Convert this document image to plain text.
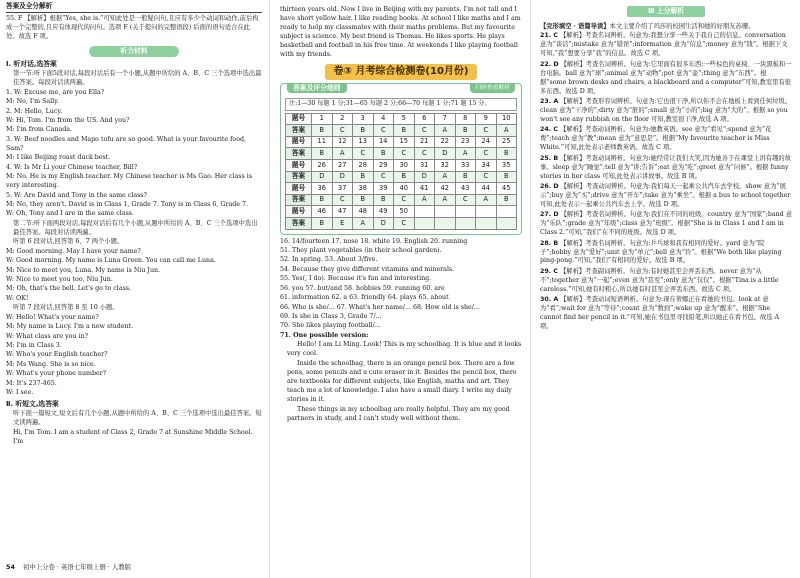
答案及全分解析

55. F 【解析】根据“Yes, she is.”可知此处是一般疑问句,且应有多少个动词和动作,前后构成一个完整的,且应有体现代的问句。选项 F (关于提问的完整语段) 后面的语句适合在此处。故选 F 项。

听力材料

Ⅰ. 听对话,选答案

第一节:听下面5段对话,每段对话后有一个小题,从题中所给的 A、B、C 三个选项中选出最佳答案。每段对话读两遍。

1. W: Excuse me, are you Ella?

M: No, I'm Sally.

2. M: Hello, Lucy.

W: Hi, Tom. I'm from the US. And you?

M: I'm from Canada.

3. W: Beef noodles and Mapo tofu are so good. What is your favourite food, Sam?

M: I like Beijing roast duck best.

4. W: Is Mr Li your Chinese teacher, Bill?

M: No. He is my English teacher. My Chinese teacher is Ms Gao. Her class is very interesting.

5. W: Are David and Tony in the same class?

M: No, they aren't. David is in Class 1, Grade 7. Tony is in Class 6, Grade 7.

W: Oh, Tony and I are in the same class.

第二节:听下面两段对话,每段对话后有几个小题,从题中所给的 A、B、C 三个选项中选出最佳答案。每段对话读两遍。

听第 6 段对话,回答第 6、7 两个小题。

M: Good morning. May I have your name?

W: Good morning. My name is Luna Green. You can call me Luna.

M: Nice to meet you, Luna. My name is Niu Jun.

W: Nice to meet you too, Niu Jun.

M: Oh, that's the bell. Let's go to class.

W: OK!

听第 7 段对话,回答第 8 至 10 小题。

W: Hello! What's your name?

M: My name is Lucy. I'm a new student.

W: What class are you in?

M: I'm in Class 3.

W: Who's your English teacher?

M: Ms Wang. She is so nice.

W: What's your phone number?

M: It's 237-465.

W: I see.

Ⅱ. 听短文,选答案

听下面一篇短文,短文后有几个小题,从题中所给的 A、B、C 三个选项中选出最佳答案。短文读两遍。

Hi, I'm Tom. I am a student of Class 2, Grade 7 at Sunshine Middle School. I'm

54 初中上分卷 · 英语七年级上册 · 人教版

thirteen years old. Now I live in Beijing with my parents. I'm not tall and I have short yellow hair. I like reading books. At school I like maths and I am ready to help my classmates with their maths problems. But my favourite subject is science. My best friend is Thomas. He likes sports. He plays basketball and football in his free time. At weekends I like playing football with my friends.

卷③ 月考综合检测卷(10月份)
答案及评分细则	扫码查看解析
注:1—30 每题 1 分;31—65 每题 2 分;66—70 每题 1 分;71 题 15 分。
题号	1	2	3	4	5	6	7	8	9	10
答案	B	C	B	C	B	C	A	B	C	A
题号	11	12	13	14	15	21	22	23	24	25
答案	B	A	C	B	C	C	D	A	C	B
题号	26	27	28	29	30	31	32	33	34	35
答案	D	D	B	C	B	D	A	B	C	B
题号	36	37	38	39	40	41	42	43	44	45
答案	B	C	B	B	C	A	A	C	A	B
题号	46	47	48	49	50					
答案	B	E	A	D	C					

16. 14/fourteen 17. nose 18. white 19. English 20. running

51. They plant vegetables (in their school garden).

52. In spring. 53. About 3/five.

54. Because they give different vitamins and minerals.

55. Yes(, I do). Because it's fun and interesting.

56. you 57. but/and 58. hobbies 59. running 60. are

61. information 62. a 63. friendly 64. plays 65. about

66. Who is she/... 67. What's her name/... 68. How old is she/...

69. Is she in Class 3, Grade 7/...

70. She likes playing football/...

71. One possible version:

Hello! I am Li Ming. Look! This is my schoolbag. It is blue and it looks very cool.

Inside the schoolbag, there is an orange pencil box. There are a few pens, some pencils and a cute eraser in it. Besides the pencil box, there are textbooks for different subjects, like English, maths and art. They teach me a lot of knowledge. I also have a small diary. I write my daily stories in it.

These things in my schoolbag are really helpful. They are my good partners in study, and I can't study well without them.

Ⅲ 上分解析

【完形填空 · 语篇导读】本文主要介绍了玛莎的校园生活和她的好朋友苏珊。

21. C 【解析】考查名词辨析。句意为:我想分享一些关于我自己的信息。conversation 意为“谈话”;mistake 意为“错误”;information 意为“信息”;money 意为“钱”。根据下文可知,“我”想要分享“我”的信息。故选 C 项。

22. D 【解析】考查名词辨析。句意为:它里面有很多东西:一些棕色的桌椅、一块黑板和一台电脑。ball 意为“球”;animal 意为“动物”;pot 意为“壶”;thing 意为“东西”。根据“some brown desks and chairs, a blackboard and a computer”可知,教室里有很多东西。故选 D 项。

23. A 【解析】考查形容词辨析。句意为:它也很干净,所以你不会在地板上看到任何垃圾。clean 意为“干净的”;dirty 意为“脏的”;small 意为“小的”;big 意为“大的”。根据 so you won't see any rubbish on the floor 可知,教室很干净,故选 A 项。

24. C 【解析】考查动词辨析。句意为:她教英语。see 意为“看见”;spend 意为“花费”;teach 意为“教”;mean 意为“意思是”。根据“My favourite teacher is Miss White.”可知,此处表示老师教英语。故选 C 项。

25. B 【解析】考查动词辨析。句意为:她经常让我们大笑,因为她善于在课堂上讲有趣的故事。sleep 意为“睡觉”;tell 意为“讲;告诉”;eat 意为“吃”;greet 意为“问候”。根据 funny stories in her class 可知,此处表示讲故事。故选 B 项。

26. D 【解析】考查动词辨析。句意为:我们每天一起乘公共汽车去学校。show 意为“展示”;buy 意为“买”;drive 意为“开车”;take 意为“乘坐”。根据 a bus to school together 可知,此处表示一起乘公共汽车去上学。故选 D 项。

27. D 【解析】考查名词辨析。句意为:我们在不同的班级。country 意为“国家”;band 意为“乐队”;grade 意为“年级”;class 意为“班级”。根据“She is in Class 1 and I am in Class 2.”可知,“我们”在不同的班级。故选 D 项。

28. B 【解析】考查名词辨析。句意为:乒乓球和我有相同的爱好。yard 意为“院子”;hobby 意为“爱好”;unit 意为“单元”;bell 意为“铃”。根据“We both like playing ping-pong.”可知,“我们”有相同的爱好。故选 B 项。

29. C 【解析】考查副词辨析。句意为:有时她甚至会弄丢东西。never 意为“从不”;together 意为“一起”;even 意为“甚至”;only 意为“仅仅”。根据“Tina is a little careless.”可知,她有时粗心,所以她有时甚至会弄丢东西。故选 C 项。

30. A 【解析】考查动词短语辨析。句意为:现在蒂娜正在看她的书包。look at 意为“看”;wait for 意为“等待”;count 意为“数到”;wake up 意为“醒来”。根据“She cannot find her pencil in it.”可知,她在书包里寻找铅笔,所以她正在看书包。故选 A 项。
